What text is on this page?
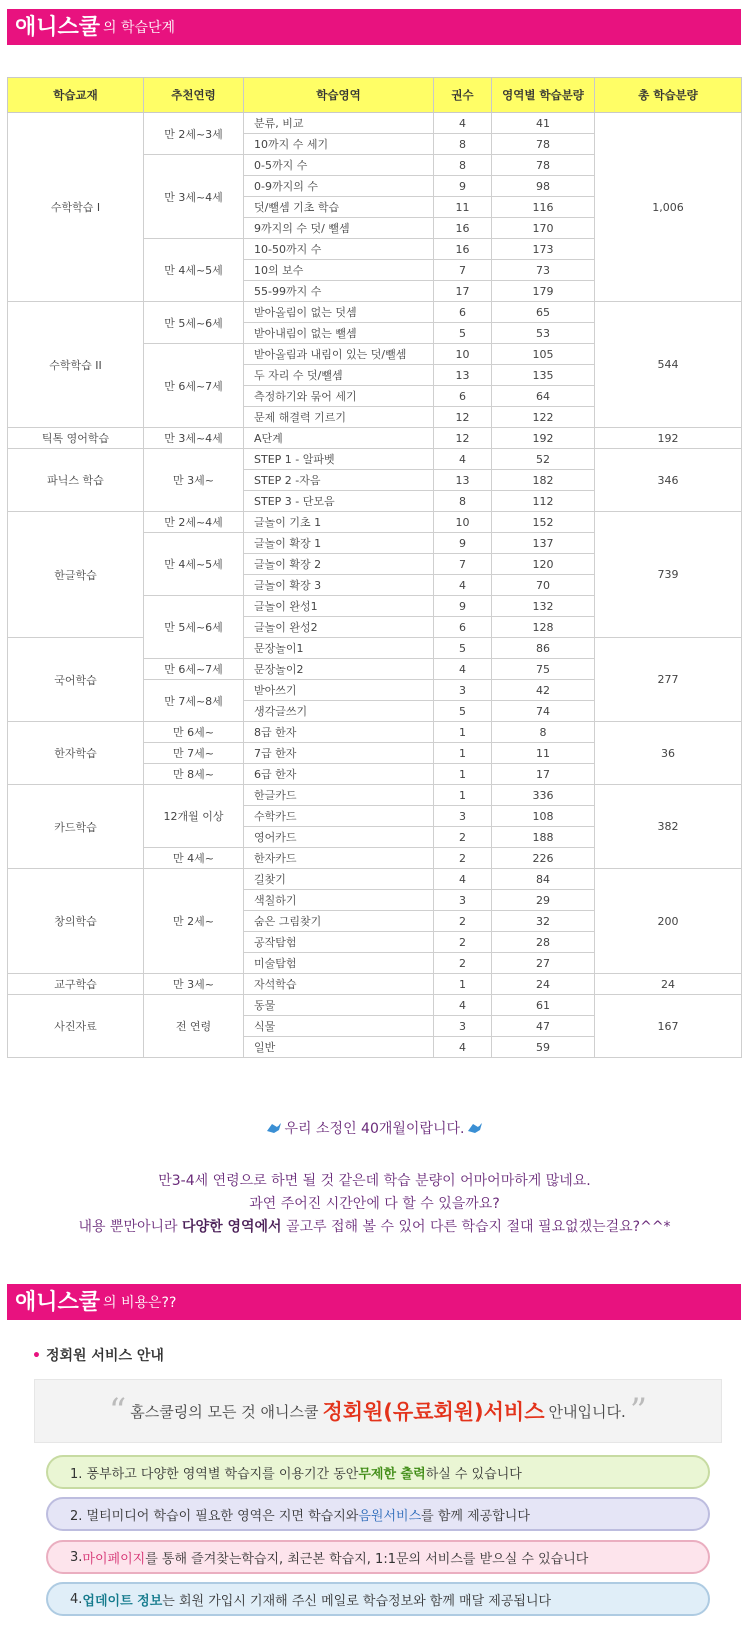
애니스쿨 의 학습단계
학습교재	추천연령	학습영역	권수	영역별 학습분량	총 학습분량
수학학습 I	만 2세~3세	분류, 비교	4	41	1,006
		10까지 수 세기	8	78	
	만 3세~4세	0-5까지 수	8	78	
		0-9까지의 수	9	98	
		덧/뺄셈 기초 학습	11	116	
		9까지의 수 덧/ 뺄셈	16	170	
	만 4세~5세	10-50까지 수	16	173	
		10의 보수	7	73	
		55-99까지 수	17	179	
수학학습 II	만 5세~6세	받아올림이 없는 덧셈	6	65	544
		받아내림이 없는 뺄셈	5	53	
	만 6세~7세	받아올림과 내림이 있는 덧/뺄셈	10	105	
		두 자리 수 덧/뺄셈	13	135	
		측정하기와 묶어 세기	6	64	
		문제 해결력 기르기	12	122	
틱톡 영어학습	만 3세~4세	A단계	12	192	192
파닉스 학습	만 3세~	STEP 1 - 알파벳	4	52	346
		STEP 2 -자음	13	182	
		STEP 3 - 단모음	8	112	
한글학습	만 2세~4세	글놀이 기초 1	10	152	739
	만 4세~5세	글놀이 확장 1	9	137	
		글놀이 확장 2	7	120	
		글놀이 확장 3	4	70	
	만 5세~6세	글놀이 완성1	9	132	
		글놀이 완성2	6	128	
국어학습		문장놀이1	5	86	277
	만 6세~7세	문장놀이2	4	75	
	만 7세~8세	받아쓰기	3	42	
		생각글쓰기	5	74	
한자학습	만 6세~	8급 한자	1	8	36
	만 7세~	7급 한자	1	11	
	만 8세~	6급 한자	1	17	
카드학습	12개월 이상	한글카드	1	336	382
		수학카드	3	108	
		영어카드	2	188	
	만 4세~	한자카드	2	226	
창의학습	만 2세~	길찾기	4	84	200
		색칠하기	3	29	
		숨은 그림찾기	2	32	
		공작탐험	2	28	
		미술탐험	2	27	
교구학습	만 3세~	자석학습	1	24	24
사진자료	전 연령	동물	4	61	167
		식물	3	47	
		일반	4	59	
우리 소정인 40개월이랍니다.
만3-4세 연령으로 하면 될 것 같은데 학습 분량이 어마어마하게 많네요.
과연 주어진 시간안에 다 할 수 있을까요?
내용 뿐만아니라 다양한 영역에서 골고루 접해 볼 수 있어 다른 학습지 절대 필요없겠는걸요?^^*
애니스쿨 의 비용은??
• 정회원 서비스 안내
“ 홈스쿨링의 모든 것 애니스쿨 정회원(유료회원)서비스 안내입니다. ”
1. 풍부하고 다양한 영역별 학습지를 이용기간 동안 무제한 출력 하실 수 있습니다
2. 멀티미디어 학습이 필요한 영역은 지면 학습지와 음원서비스 를 함께 제공합니다
3. 마이페이지 를 통해 즐겨찾는학습지, 최근본 학습지, 1:1문의 서비스를 받으실 수 있습니다
4. 업데이트 정보 는 회원 가입시 기재해 주신 메일로 학습정보와 함께 매달 제공됩니다
